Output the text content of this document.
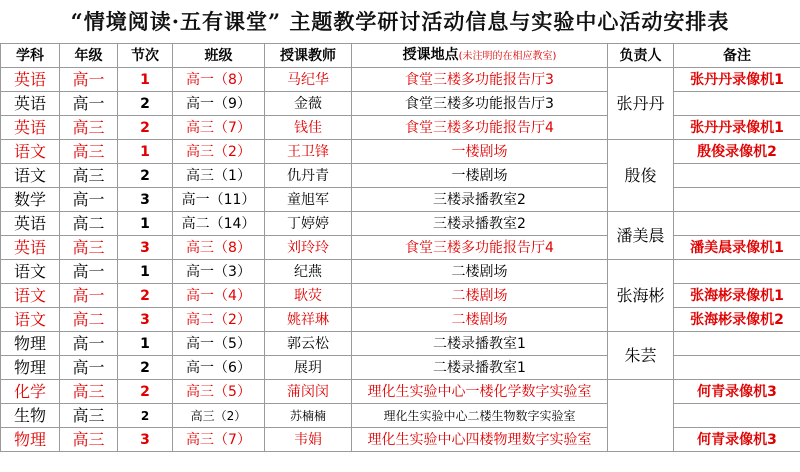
“情境阅读·五有课堂” 主题教学研讨活动信息与实验中心活动安排表
学科	年级	节次	班级	授课教师	授课地点(未注明的在相应教室)	负责人	备注
英语	高一	1	高一（8）	马纪华	食堂三楼多功能报告厅3	张丹丹	张丹丹录像机1
英语	高一	2	高一（9）	金薇	食堂三楼多功能报告厅3		
英语	高三	2	高三（7）	钱佳	食堂三楼多功能报告厅4		张丹丹录像机1
语文	高三	1	高三（2）	王卫锋	一楼剧场	殷俊	殷俊录像机2
语文	高三	2	高三（1）	仇丹青	一楼剧场		
数学	高一	3	高一（11）	童旭军	三楼录播教室2		
英语	高二	1	高二（14）	丁婷婷	三楼录播教室2	潘美晨	
英语	高三	3	高三（8）	刘玲玲	食堂三楼多功能报告厅4		潘美晨录像机1
语文	高一	1	高一（3）	纪燕	二楼剧场	张海彬	
语文	高一	2	高一（4）	耿荧	二楼剧场		张海彬录像机1
语文	高二	3	高二（2）	姚祥琳	二楼剧场		张海彬录像机2
物理	高一	1	高一（5）	郭云松	二楼录播教室1	朱芸	
物理	高一	2	高一（6）	展玥	二楼录播教室1		
化学	高三	2	高三（5）	蒲闵闵	理化生实验中心一楼化学数字实验室		何青录像机3
生物	高三	2	高三（2）	苏楠楠	理化生实验中心二楼生物数字实验室		
物理	高三	3	高三（7）	韦娟	理化生实验中心四楼物理数字实验室		何青录像机3
